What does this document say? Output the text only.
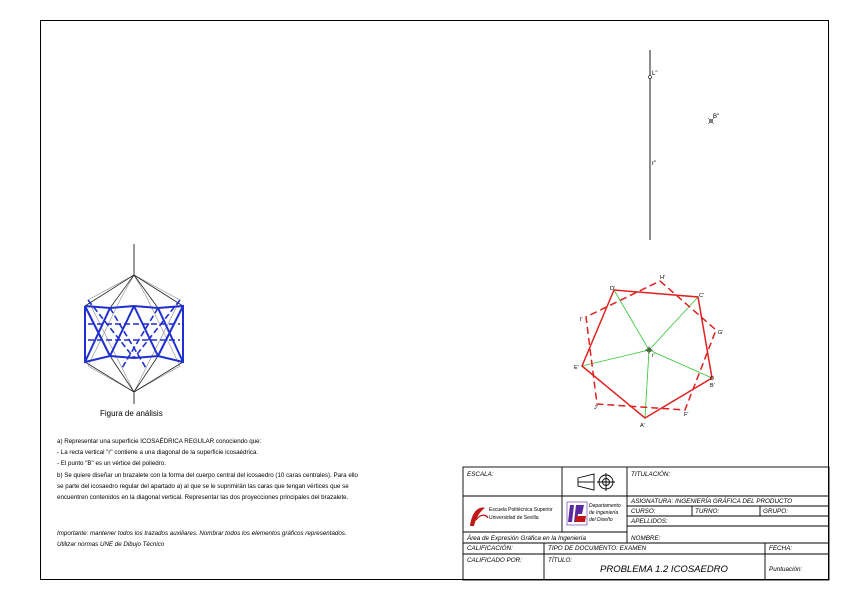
L"
r"
B"
r'
D'
H'
C'
G'
B'
F'
A'
J'
E'
I'
Figura de análisis

a) Representar una superficie ICOSAÉDRICA REGULAR conociendo que:

- La recta vertical "r" contiene a una diagonal de la superficie icosaédrica.

- El punto "B" es un vértice del poliedro.

b) Se quiere diseñar un brazalete con la forma del cuerpo central del icosaedro (10 caras centrales). Para ello

se parte del icosaedro regular del apartado a) al que se le suprimirán las caras que tengan vértices que se

encuentren contenidos en la diagonal vertical. Representar las dos proyecciones principales del brazalete.

Importante: mantener todos los trazados auxiliares. Nombrar todos los elementos gráficos representados.

Utilizar normas UNE de Dibujo Técnico

ESCALA:	TITULACIÓN:
ASIGNATURA: INGENIERÍA GRÁFICA DEL PRODUCTO
CURSO:	TURNO:	GRUPO:
APELLIDOS:
NOMBRE:
Área de Expresión Gráfica en la Ingeniería
Escuela Politécnica Superior
Universidad de Sevilla
Departamento
de Ingeniería
del Diseño
CALIFICACIÓN:	TIPO DE DOCUMENTO: EXAMEN	FECHA:
CALIFICADO POR:	TÍTULO:
PROBLEMA 1.2 ICOSAEDRO	Puntuación:
